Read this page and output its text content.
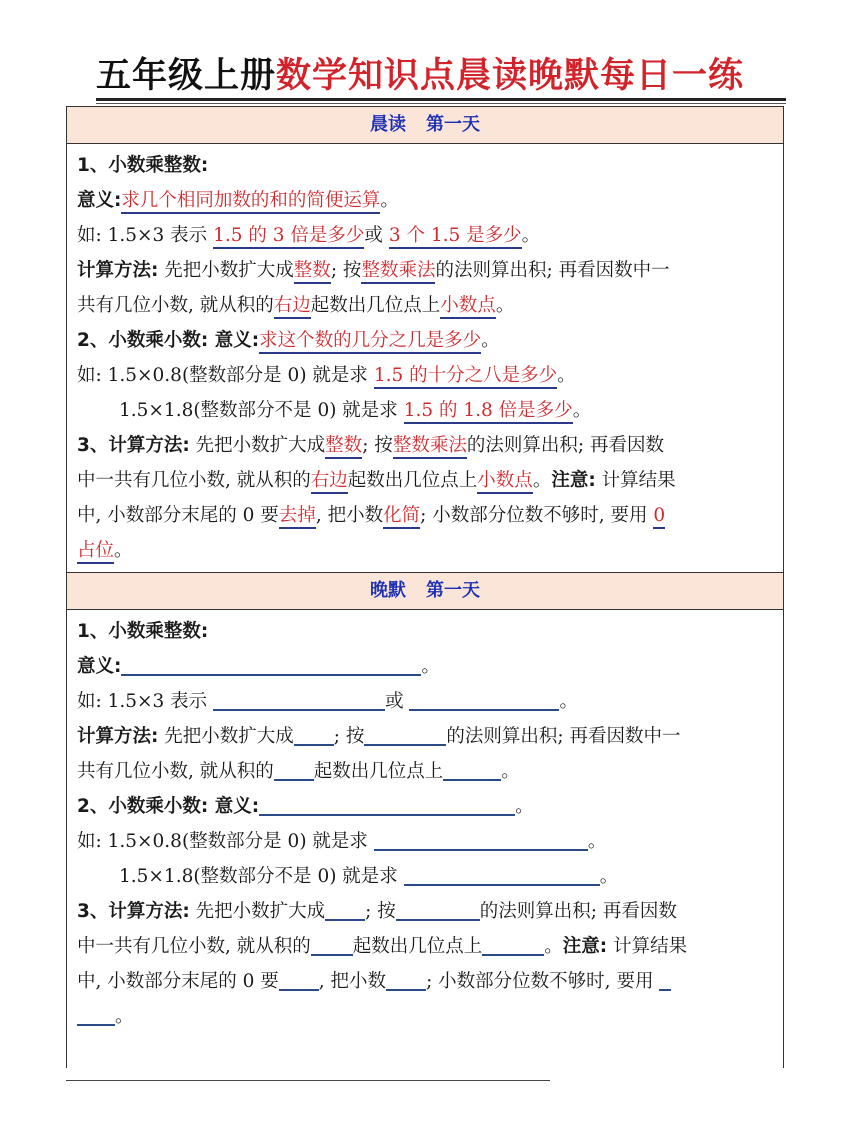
五年级上册数学知识点晨读晚默每日一练
晨读 第一天
1、小数乘整数:
意义:求几个相同加数的和的简便运算。
如: 1.5×3 表示 1.5 的 3 倍是多少或 3 个 1.5 是多少。
计算方法: 先把小数扩大成整数; 按整数乘法的法则算出积; 再看因数中一
共有几位小数, 就从积的右边起数出几位点上小数点。
2、小数乘小数: 意义:求这个数的几分之几是多少。
如: 1.5×0.8(整数部分是 0) 就是求 1.5 的十分之八是多少。
1.5×1.8(整数部分不是 0) 就是求 1.5 的 1.8 倍是多少。
3、计算方法: 先把小数扩大成整数; 按整数乘法的法则算出积; 再看因数
中一共有几位小数, 就从积的右边起数出几位点上小数点。注意: 计算结果
中, 小数部分末尾的 0 要去掉, 把小数化简; 小数部分位数不够时, 要用 0
占位。
晚默 第一天
1、小数乘整数:
意义:	。
如: 1.5×3 表示	或	。
计算方法: 先把小数扩大成 ; 按	的法则算出积; 再看因数中一
共有几位小数, 就从积的 起数出几位点上	。
2、小数乘小数: 意义:	。
如: 1.5×0.8(整数部分是 0) 就是求	。
1.5×1.8(整数部分不是 0) 就是求	。
3、计算方法: 先把小数扩大成 ; 按	的法则算出积; 再看因数
中一共有几位小数, 就从积的 起数出几位点上	。注意: 计算结果
中, 小数部分末尾的 0 要 , 把小数 ; 小数部分位数不够时, 要用
。
